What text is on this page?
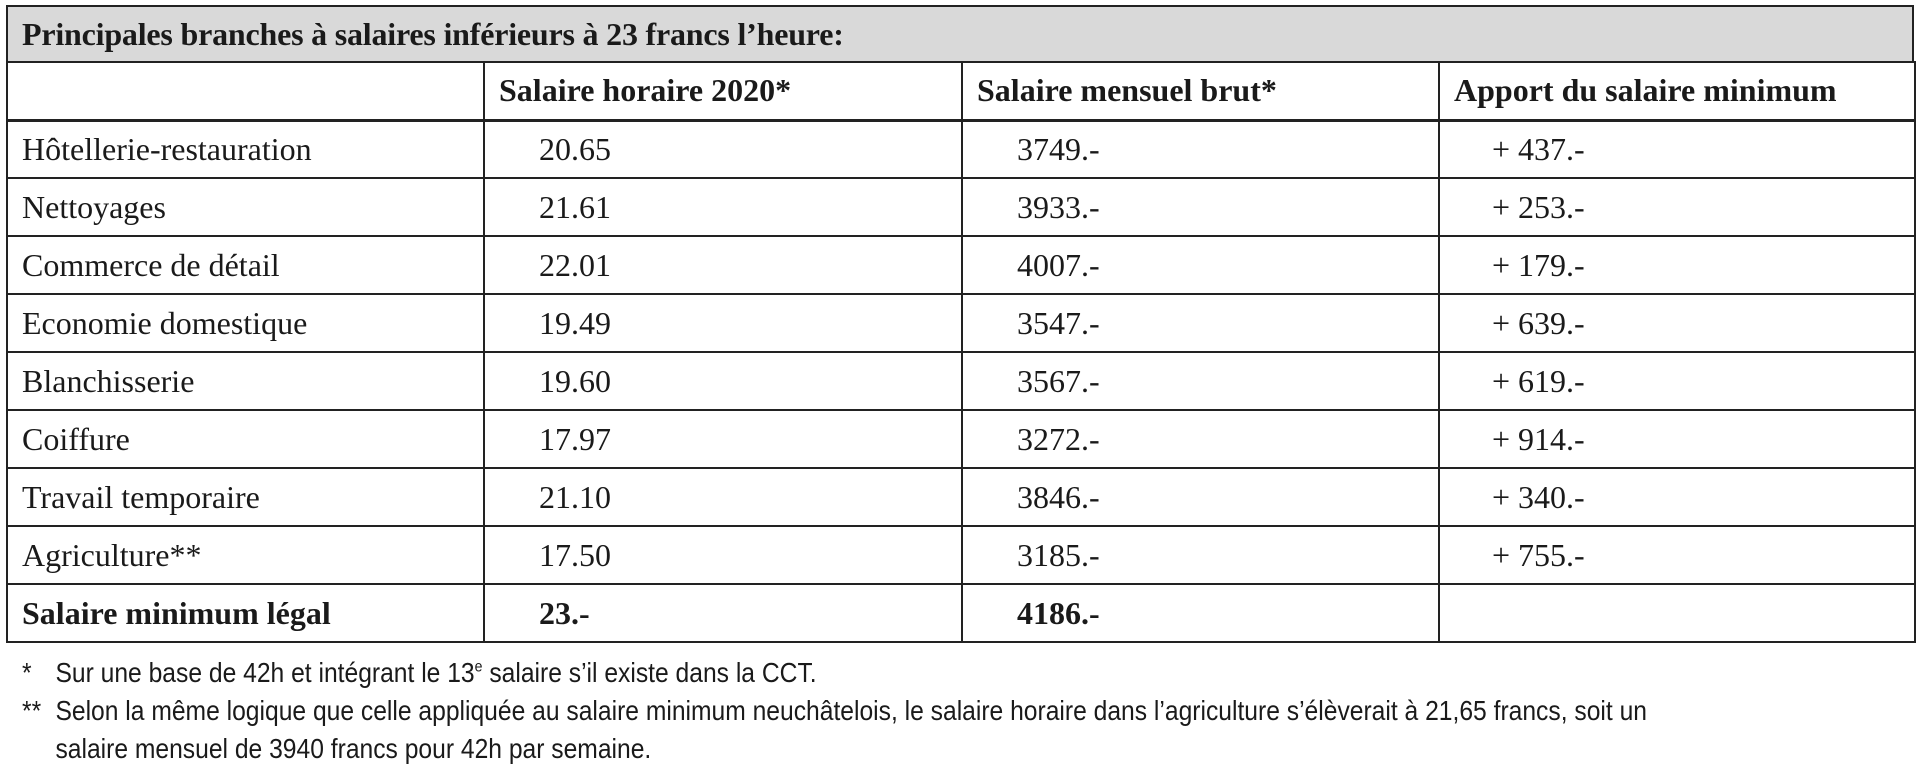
Principales branches à salaires inférieurs à 23 francs l’heure:
	Salaire horaire 2020*	Salaire mensuel brut*	Apport du salaire minimum
Hôtellerie-restauration	20.65	3749.-	+ 437.-
Nettoyages	21.61	3933.-	+ 253.-
Commerce de détail	22.01	4007.-	+ 179.-
Economie domestique	19.49	3547.-	+ 639.-
Blanchisserie	19.60	3567.-	+ 619.-
Coiffure	17.97	3272.-	+ 914.-
Travail temporaire	21.10	3846.-	+ 340.-
Agriculture**	17.50	3185.-	+ 755.-
Salaire minimum légal	23.-	4186.-	
* Sur une base de 42h et intégrant le 13e salaire s’il existe dans la CCT.
** Selon la même logique que celle appliquée au salaire minimum neuchâtelois, le salaire horaire dans l’agriculture s’élèverait à 21,65 francs, soit un salaire mensuel de 3940 francs pour 42h par semaine.
